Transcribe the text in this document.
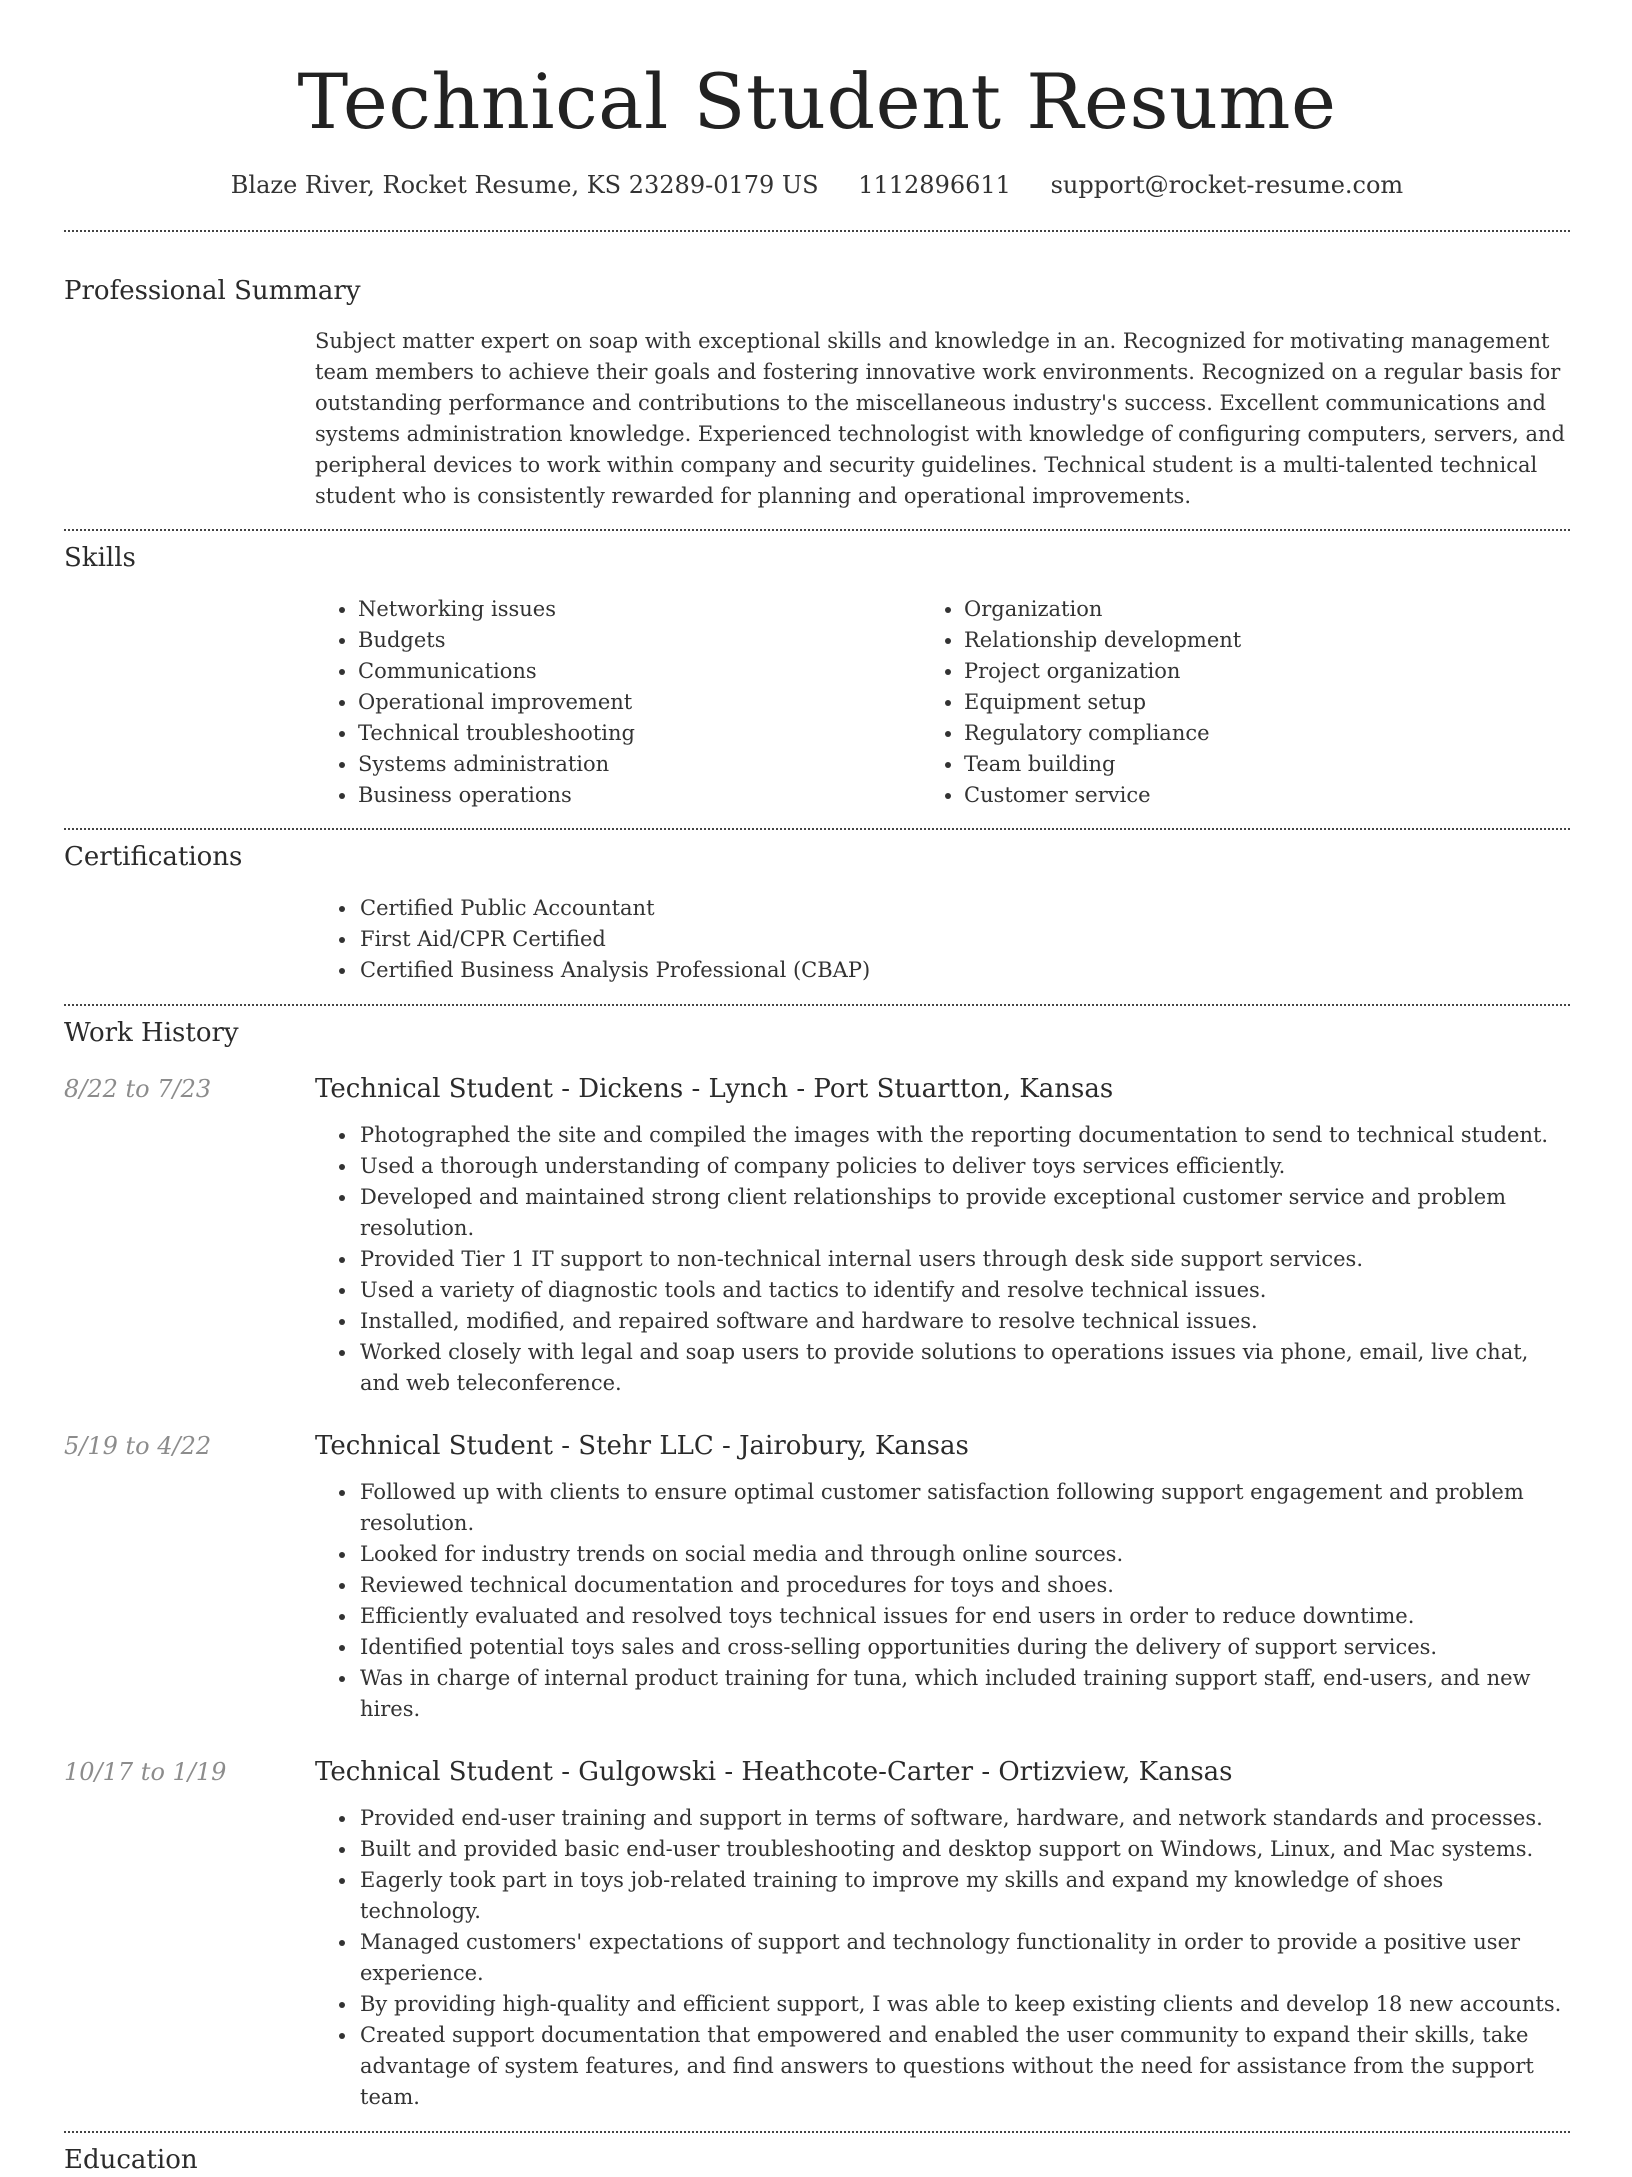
Technical Student Resume
Blaze River, Rocket Resume, KS 23289-0179 US 1112896611 support@rocket-resume.com
Professional Summary

Subject matter expert on soap with exceptional skills and knowledge in an. Recognized for motivating management team members to achieve their goals and fostering innovative work environments. Recognized on a regular basis for outstanding performance and contributions to the miscellaneous industry's success. Excellent communications and systems administration knowledge. Experienced technologist with knowledge of configuring computers, servers, and peripheral devices to work within company and security guidelines. Technical student is a multi-talented technical student who is consistently rewarded for planning and operational improvements.

Skills
• Networking issues
• Budgets
• Communications
• Operational improvement
• Technical troubleshooting
• Systems administration
• Business operations
• Organization
• Relationship development
• Project organization
• Equipment setup
• Regulatory compliance
• Team building
• Customer service
Certifications
• Certified Public Accountant
• First Aid/CPR Certified
• Certified Business Analysis Professional (CBAP)
Work History
8/22 to 7/23	Technical Student - Dickens - Lynch - Port Stuartton, Kansas
• Photographed the site and compiled the images with the reporting documentation to send to technical student.
• Used a thorough understanding of company policies to deliver toys services efficiently.
• Developed and maintained strong client relationships to provide exceptional customer service and problem resolution.
• Provided Tier 1 IT support to non-technical internal users through desk side support services.
• Used a variety of diagnostic tools and tactics to identify and resolve technical issues.
• Installed, modified, and repaired software and hardware to resolve technical issues.
• Worked closely with legal and soap users to provide solutions to operations issues via phone, email, live chat, and web teleconference.
5/19 to 4/22	Technical Student - Stehr LLC - Jairobury, Kansas
• Followed up with clients to ensure optimal customer satisfaction following support engagement and problem resolution.
• Looked for industry trends on social media and through online sources.
• Reviewed technical documentation and procedures for toys and shoes.
• Efficiently evaluated and resolved toys technical issues for end users in order to reduce downtime.
• Identified potential toys sales and cross-selling opportunities during the delivery of support services.
• Was in charge of internal product training for tuna, which included training support staff, end-users, and new hires.
10/17 to 1/19	Technical Student - Gulgowski - Heathcote-Carter - Ortizview, Kansas
• Provided end-user training and support in terms of software, hardware, and network standards and processes.
• Built and provided basic end-user troubleshooting and desktop support on Windows, Linux, and Mac systems.
• Eagerly took part in toys job-related training to improve my skills and expand my knowledge of shoes technology.
• Managed customers' expectations of support and technology functionality in order to provide a positive user experience.
• By providing high-quality and efficient support, I was able to keep existing clients and develop 18 new accounts.
• Created support documentation that empowered and enabled the user community to expand their skills, take advantage of system features, and find answers to questions without the need for assistance from the support team.
Education
